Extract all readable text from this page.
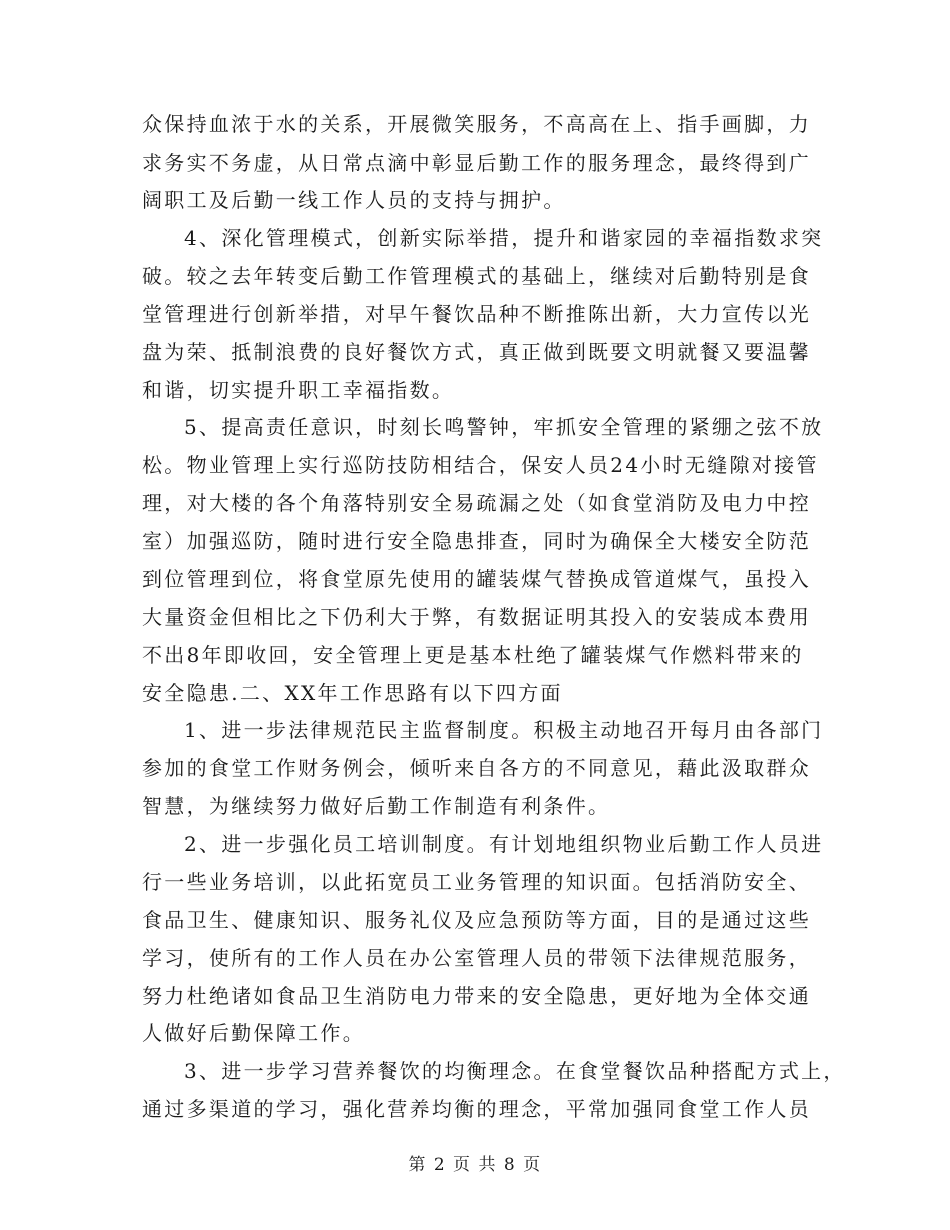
众保持血浓于水的关系，开展微笑服务，不高高在上、指手画脚，力
求务实不务虚，从日常点滴中彰显后勤工作的服务理念，最终得到广
阔职工及后勤一线工作人员的支持与拥护。
4、深化管理模式，创新实际举措，提升和谐家园的幸福指数求突
破。较之去年转变后勤工作管理模式的基础上，继续对后勤特别是食
堂管理进行创新举措，对早午餐饮品种不断推陈出新，大力宣传以光
盘为荣、抵制浪费的良好餐饮方式，真正做到既要文明就餐又要温馨
和谐，切实提升职工幸福指数。
5、提高责任意识，时刻长鸣警钟，牢抓安全管理的紧绷之弦不放
松。物业管理上实行巡防技防相结合，保安人员24小时无缝隙对接管
理，对大楼的各个角落特别安全易疏漏之处（如食堂消防及电力中控
室）加强巡防，随时进行安全隐患排查，同时为确保全大楼安全防范
到位管理到位，将食堂原先使用的罐装煤气替换成管道煤气，虽投入
大量资金但相比之下仍利大于弊，有数据证明其投入的安装成本费用
不出8年即收回，安全管理上更是基本杜绝了罐装煤气作燃料带来的
安全隐患.二、XX年工作思路有以下四方面
1、进一步法律规范民主监督制度。积极主动地召开每月由各部门
参加的食堂工作财务例会，倾听来自各方的不同意见，藉此汲取群众
智慧，为继续努力做好后勤工作制造有利条件。
2、进一步强化员工培训制度。有计划地组织物业后勤工作人员进
行一些业务培训，以此拓宽员工业务管理的知识面。包括消防安全、
食品卫生、健康知识、服务礼仪及应急预防等方面，目的是通过这些
学习，使所有的工作人员在办公室管理人员的带领下法律规范服务，
努力杜绝诸如食品卫生消防电力带来的安全隐患，更好地为全体交通
人做好后勤保障工作。
3、进一步学习营养餐饮的均衡理念。在食堂餐饮品种搭配方式上，
通过多渠道的学习，强化营养均衡的理念，平常加强同食堂工作人员
第 2 页 共 8 页
